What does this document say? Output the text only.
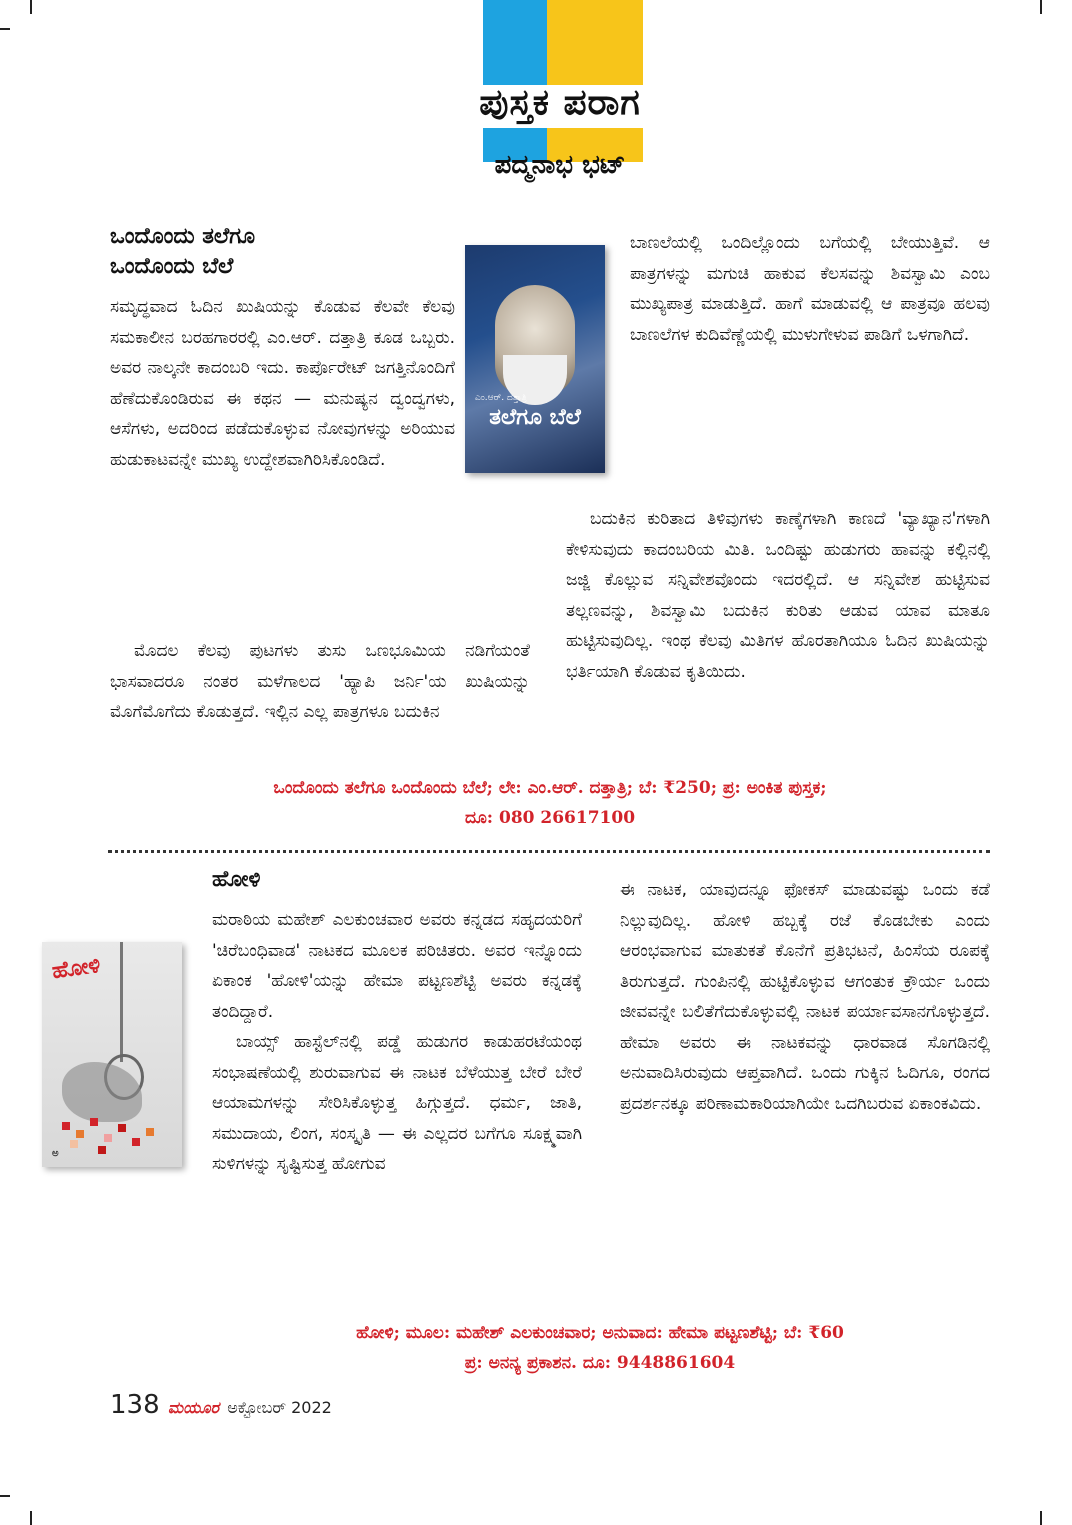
ಪುಸ್ತಕ ಪರಾಗ
ಪದ್ಮನಾಭ ಭಟ್
ಒಂದೊಂದು ತಲೆಗೂ
ಒಂದೊಂದು ಬೆಲೆ
ಎಂ.ಆರ್. ದತ್ತಾತ್ರಿ
ತಲೆಗೂ ಬೆಲೆ

ಸಮೃದ್ಧವಾದ ಓದಿನ ಖುಷಿಯನ್ನು ಕೊಡುವ ಕೆಲವೇ ಕೆಲವು ಸಮಕಾಲೀನ ಬರಹಗಾರರಲ್ಲಿ ಎಂ.ಆರ್. ದತ್ತಾತ್ರಿ ಕೂಡ ಒಬ್ಬರು. ಅವರ ನಾಲ್ಕನೇ ಕಾದಂಬರಿ ಇದು. ಕಾರ್ಪೊರೇಟ್ ಜಗತ್ತಿನೊಂದಿಗೆ ಹೆಣೆದುಕೊಂಡಿರುವ ಈ ಕಥನ — ಮನುಷ್ಯನ ದ್ವಂದ್ವಗಳು, ಆಸೆಗಳು, ಅದರಿಂದ ಪಡೆದುಕೊಳ್ಳುವ ನೋವುಗಳನ್ನು ಅರಿಯುವ ಹುಡುಕಾಟವನ್ನೇ ಮುಖ್ಯ ಉದ್ದೇಶವಾಗಿರಿಸಿಕೊಂಡಿದೆ.

ಮೊದಲ ಕೆಲವು ಪುಟಗಳು ತುಸು ಒಣಭೂಮಿಯ ನಡಿಗೆಯಂತೆ ಭಾಸವಾದರೂ ನಂತರ ಮಳೆಗಾಲದ 'ಹ್ಯಾಪಿ ಜರ್ನಿ'ಯ ಖುಷಿಯನ್ನು ಮೊಗೆಮೊಗೆದು ಕೊಡುತ್ತದೆ. ಇಲ್ಲಿನ ಎಲ್ಲ ಪಾತ್ರಗಳೂ ಬದುಕಿನ

ಬಾಣಲೆಯಲ್ಲಿ ಒಂದಿಲ್ಲೊಂದು ಬಗೆಯಲ್ಲಿ ಬೇಯುತ್ತಿವೆ. ಆ ಪಾತ್ರಗಳನ್ನು ಮಗುಚಿ ಹಾಕುವ ಕೆಲಸವನ್ನು ಶಿವಸ್ವಾಮಿ ಎಂಬ ಮುಖ್ಯಪಾತ್ರ ಮಾಡುತ್ತಿದೆ. ಹಾಗೆ ಮಾಡುವಲ್ಲಿ ಆ ಪಾತ್ರವೂ ಹಲವು ಬಾಣಲೆಗಳ ಕುದಿವೆಣ್ಣೆಯಲ್ಲಿ ಮುಳುಗೇಳುವ ಪಾಡಿಗೆ ಒಳಗಾಗಿದೆ.

ಬದುಕಿನ ಕುರಿತಾದ ತಿಳಿವುಗಳು ಕಾಣ್ಕೆಗಳಾಗಿ ಕಾಣದೆ 'ವ್ಯಾಖ್ಯಾನ'ಗಳಾಗಿ ಕೇಳಿಸುವುದು ಕಾದಂಬರಿಯ ಮಿತಿ. ಒಂದಿಷ್ಟು ಹುಡುಗರು ಹಾವನ್ನು ಕಲ್ಲಿನಲ್ಲಿ ಜಜ್ಜಿ ಕೊಲ್ಲುವ ಸನ್ನಿವೇಶವೊಂದು ಇದರಲ್ಲಿದೆ. ಆ ಸನ್ನಿವೇಶ ಹುಟ್ಟಿಸುವ ತಲ್ಲಣವನ್ನು, ಶಿವಸ್ವಾಮಿ ಬದುಕಿನ ಕುರಿತು ಆಡುವ ಯಾವ ಮಾತೂ ಹುಟ್ಟಿಸುವುದಿಲ್ಲ. ಇಂಥ ಕೆಲವು ಮಿತಿಗಳ ಹೊರತಾಗಿಯೂ ಓದಿನ ಖುಷಿಯನ್ನು ಭರ್ತಿಯಾಗಿ ಕೊಡುವ ಕೃತಿಯಿದು.

ಒಂದೊಂದು ತಲೆಗೂ ಒಂದೊಂದು ಬೆಲೆ; ಲೇ: ಎಂ.ಆರ್. ದತ್ತಾತ್ರಿ; ಬೆ: ₹250; ಪ್ರ: ಅಂಕಿತ ಪುಸ್ತಕ;
ದೂ: 080 26617100
ಹೋಳಿ
ಹೋಳಿ
ಅ

ಮರಾಠಿಯ ಮಹೇಶ್ ಎಲಕುಂಚವಾರ ಅವರು ಕನ್ನಡದ ಸಹೃದಯರಿಗೆ 'ಚಿರೆಬಂಧಿವಾಡ' ನಾಟಕದ ಮೂಲಕ ಪರಿಚಿತರು. ಅವರ ಇನ್ನೊಂದು ಏಕಾಂಕ 'ಹೋಳಿ'ಯನ್ನು ಹೇಮಾ ಪಟ್ಟಣಶೆಟ್ಟಿ ಅವರು ಕನ್ನಡಕ್ಕೆ ತಂದಿದ್ದಾರೆ.

ಬಾಯ್ಸ್ ಹಾಸ್ಟೆಲ್‌ನಲ್ಲಿ ಪಡ್ಡೆ ಹುಡುಗರ ಕಾಡುಹರಟೆಯಂಥ ಸಂಭಾಷಣೆಯಲ್ಲಿ ಶುರುವಾಗುವ ಈ ನಾಟಕ ಬೆಳೆಯುತ್ತ ಬೇರೆ ಬೇರೆ ಆಯಾಮಗಳನ್ನು ಸೇರಿಸಿಕೊಳ್ಳುತ್ತ ಹಿಗ್ಗುತ್ತದೆ. ಧರ್ಮ, ಜಾತಿ, ಸಮುದಾಯ, ಲಿಂಗ, ಸಂಸ್ಕೃತಿ — ಈ ಎಲ್ಲದರ ಬಗೆಗೂ ಸೂಕ್ಷ್ಮವಾಗಿ ಸುಳಿಗಳನ್ನು ಸೃಷ್ಟಿಸುತ್ತ ಹೋಗುವ

ಈ ನಾಟಕ, ಯಾವುದನ್ನೂ ಫೋಕಸ್ ಮಾಡುವಷ್ಟು ಒಂದು ಕಡೆ ನಿಲ್ಲುವುದಿಲ್ಲ. ಹೋಳಿ ಹಬ್ಬಕ್ಕೆ ರಜೆ ಕೊಡಬೇಕು ಎಂದು ಆರಂಭವಾಗುವ ಮಾತುಕತೆ ಕೊನೆಗೆ ಪ್ರತಿಭಟನೆ, ಹಿಂಸೆಯ ರೂಪಕ್ಕೆ ತಿರುಗುತ್ತದೆ. ಗುಂಪಿನಲ್ಲಿ ಹುಟ್ಟಿಕೊಳ್ಳುವ ಆಗಂತುಕ ಕ್ರೌರ್ಯ ಒಂದು ಜೀವವನ್ನೇ ಬಲಿತೆಗೆದುಕೊಳ್ಳುವಲ್ಲಿ ನಾಟಕ ಪರ್ಯಾವಸಾನಗೊಳ್ಳುತ್ತದೆ. ಹೇಮಾ ಅವರು ಈ ನಾಟಕವನ್ನು ಧಾರವಾಡ ಸೊಗಡಿನಲ್ಲಿ ಅನುವಾದಿಸಿರುವುದು ಆಪ್ತವಾಗಿದೆ. ಒಂದು ಗುಕ್ಕಿನ ಓದಿಗೂ, ರಂಗದ ಪ್ರದರ್ಶನಕ್ಕೂ ಪರಿಣಾಮಕಾರಿಯಾಗಿಯೇ ಒದಗಿಬರುವ ಏಕಾಂಕವಿದು.

ಹೋಳಿ; ಮೂಲ: ಮಹೇಶ್ ಎಲಕುಂಚವಾರ; ಅನುವಾದ: ಹೇಮಾ ಪಟ್ಟಣಶೆಟ್ಟಿ; ಬೆ: ₹60
ಪ್ರ: ಅನನ್ಯ ಪ್ರಕಾಶನ. ದೂ: 9448861604
138 ಮಯೂರ ಅಕ್ಟೋಬರ್ 2022
